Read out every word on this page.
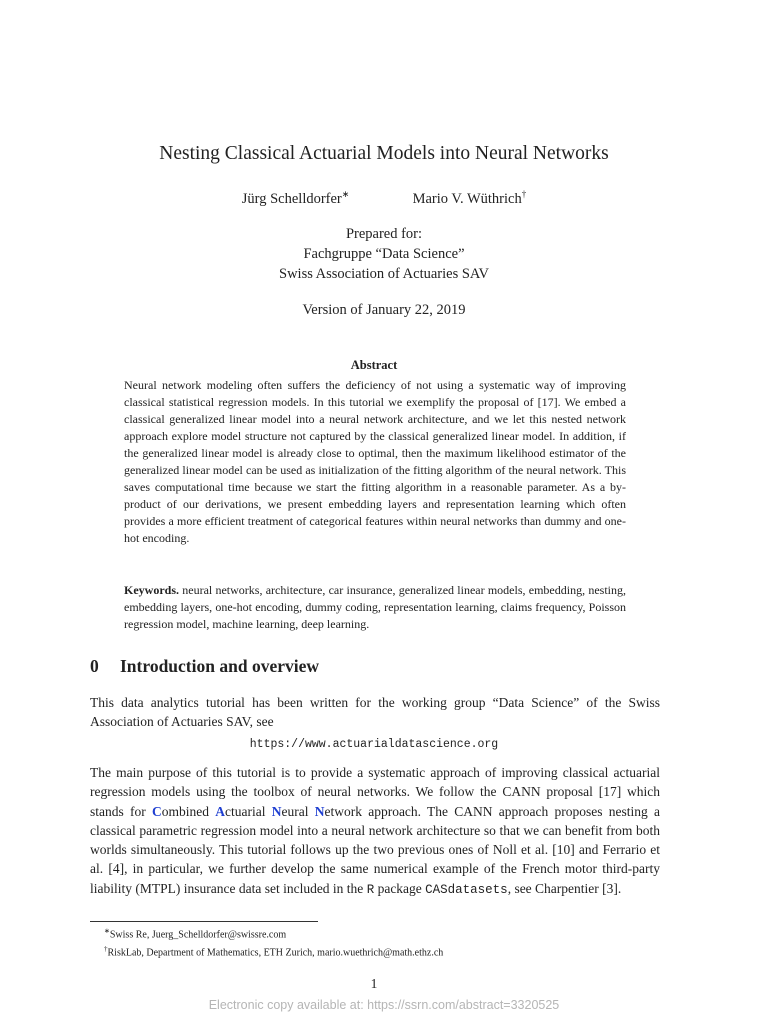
Nesting Classical Actuarial Models into Neural Networks
Jürg Schelldorfer∗	Mario V. Wüthrich†
Prepared for:
Fachgruppe “Data Science”
Swiss Association of Actuaries SAV
Version of January 22, 2019
Abstract
Neural network modeling often suffers the deficiency of not using a systematic way of improving classical statistical regression models. In this tutorial we exemplify the proposal of [17]. We embed a classical generalized linear model into a neural network architecture, and we let this nested network approach explore model structure not captured by the classical generalized linear model. In addition, if the generalized linear model is already close to optimal, then the maximum likelihood estimator of the generalized linear model can be used as initialization of the fitting algorithm of the neural network. This saves computational time because we start the fitting algorithm in a reasonable parameter. As a by-product of our derivations, we present embedding layers and representation learning which often provides a more efficient treatment of categorical features within neural networks than dummy and one-hot encoding.
Keywords. neural networks, architecture, car insurance, generalized linear models, embedding, nesting, embedding layers, one-hot encoding, dummy coding, representation learning, claims frequency, Poisson regression model, machine learning, deep learning.
0 Introduction and overview
This data analytics tutorial has been written for the working group “Data Science” of the Swiss Association of Actuaries SAV, see
https://www.actuarialdatascience.org
The main purpose of this tutorial is to provide a systematic approach of improving classical actuarial regression models using the toolbox of neural networks. We follow the CANN proposal [17] which stands for Combined Actuarial Neural Network approach. The CANN approach proposes nesting a classical parametric regression model into a neural network architecture so that we can benefit from both worlds simultaneously. This tutorial follows up the two previous ones of Noll et al. [10] and Ferrario et al. [4], in particular, we further develop the same numerical example of the French motor third-party liability (MTPL) insurance data set included in the R package CASdatasets, see Charpentier [3].
∗Swiss Re, Juerg_Schelldorfer@swissre.com
†RiskLab, Department of Mathematics, ETH Zurich, mario.wuethrich@math.ethz.ch
1
Electronic copy available at: https://ssrn.com/abstract=3320525
